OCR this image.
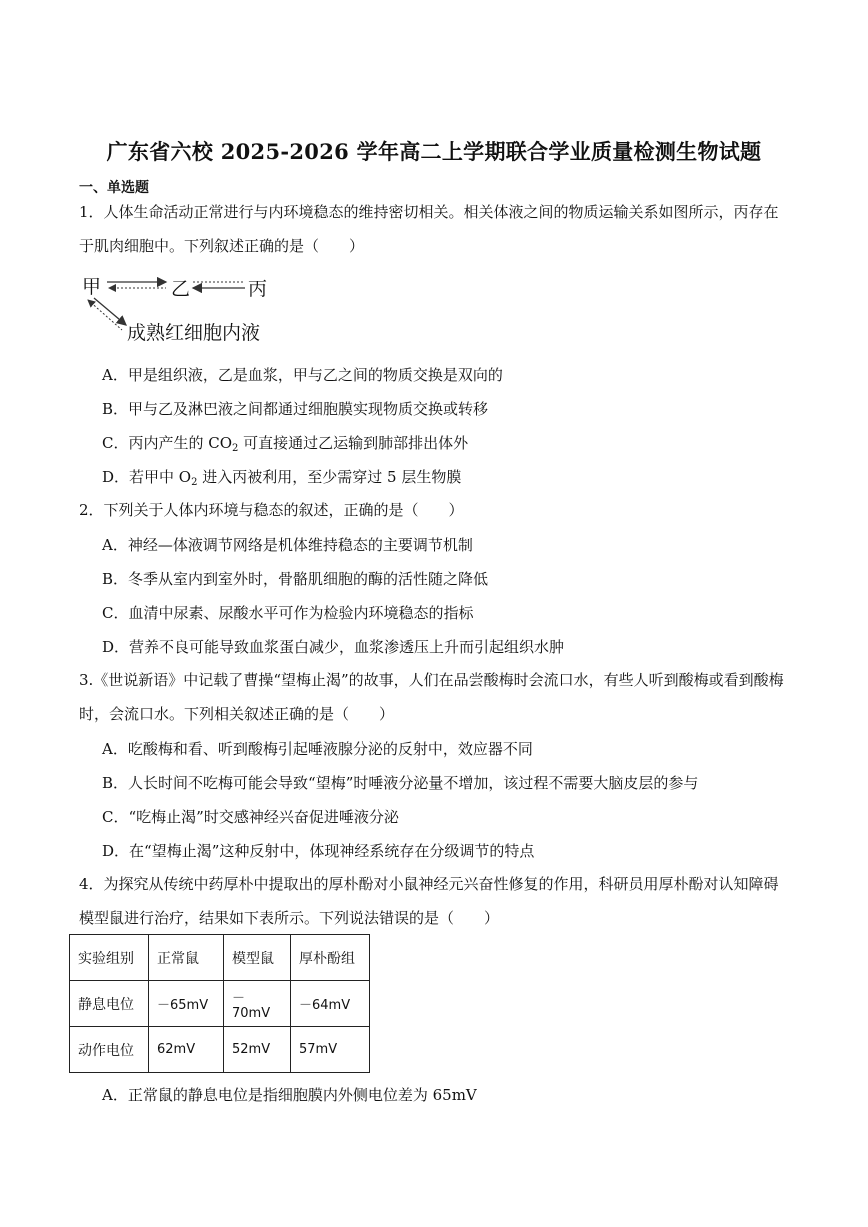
广东省六校 2025-2026 学年高二上学期联合学业质量检测生物试题
一、单选题
1．人体生命活动正常进行与内环境稳态的维持密切相关。相关体液之间的物质运输关系如图所示，丙存在
于肌肉细胞中。下列叙述正确的是（　　）
甲	乙	丙
成熟红细胞内液
A．甲是组织液，乙是血浆，甲与乙之间的物质交换是双向的
B．甲与乙及淋巴液之间都通过细胞膜实现物质交换或转移
C．丙内产生的 $CO_2$ 可直接通过乙运输到肺部排出体外
D．若甲中 $O_2$ 进入丙被利用，至少需穿过 5 层生物膜
2．下列关于人体内环境与稳态的叙述，正确的是（　　）
A．神经—体液调节网络是机体维持稳态的主要调节机制
B．冬季从室内到室外时，骨骼肌细胞的酶的活性随之降低
C．血清中尿素、尿酸水平可作为检验内环境稳态的指标
D．营养不良可能导致血浆蛋白减少，血浆渗透压上升而引起组织水肿
3.《世说新语》中记载了曹操“望梅止渴”的故事，人们在品尝酸梅时会流口水，有些人听到酸梅或看到酸梅
时，会流口水。下列相关叙述正确的是（　　）
A．吃酸梅和看、听到酸梅引起唾液腺分泌的反射中，效应器不同
B．人长时间不吃梅可能会导致“望梅”时唾液分泌量不增加，该过程不需要大脑皮层的参与
C．“吃梅止渴”时交感神经兴奋促进唾液分泌
D．在“望梅止渴”这种反射中，体现神经系统存在分级调节的特点
4．为探究从传统中药厚朴中提取出的厚朴酚对小鼠神经元兴奋性修复的作用，科研员用厚朴酚对认知障碍
模型鼠进行治疗，结果如下表所示。下列说法错误的是（　　）
实验组别	正常鼠	模型鼠	厚朴酚组
静息电位	－65mV	－70mV	－64mV
动作电位	62mV	52mV	57mV
A．正常鼠的静息电位是指细胞膜内外侧电位差为 65mV
